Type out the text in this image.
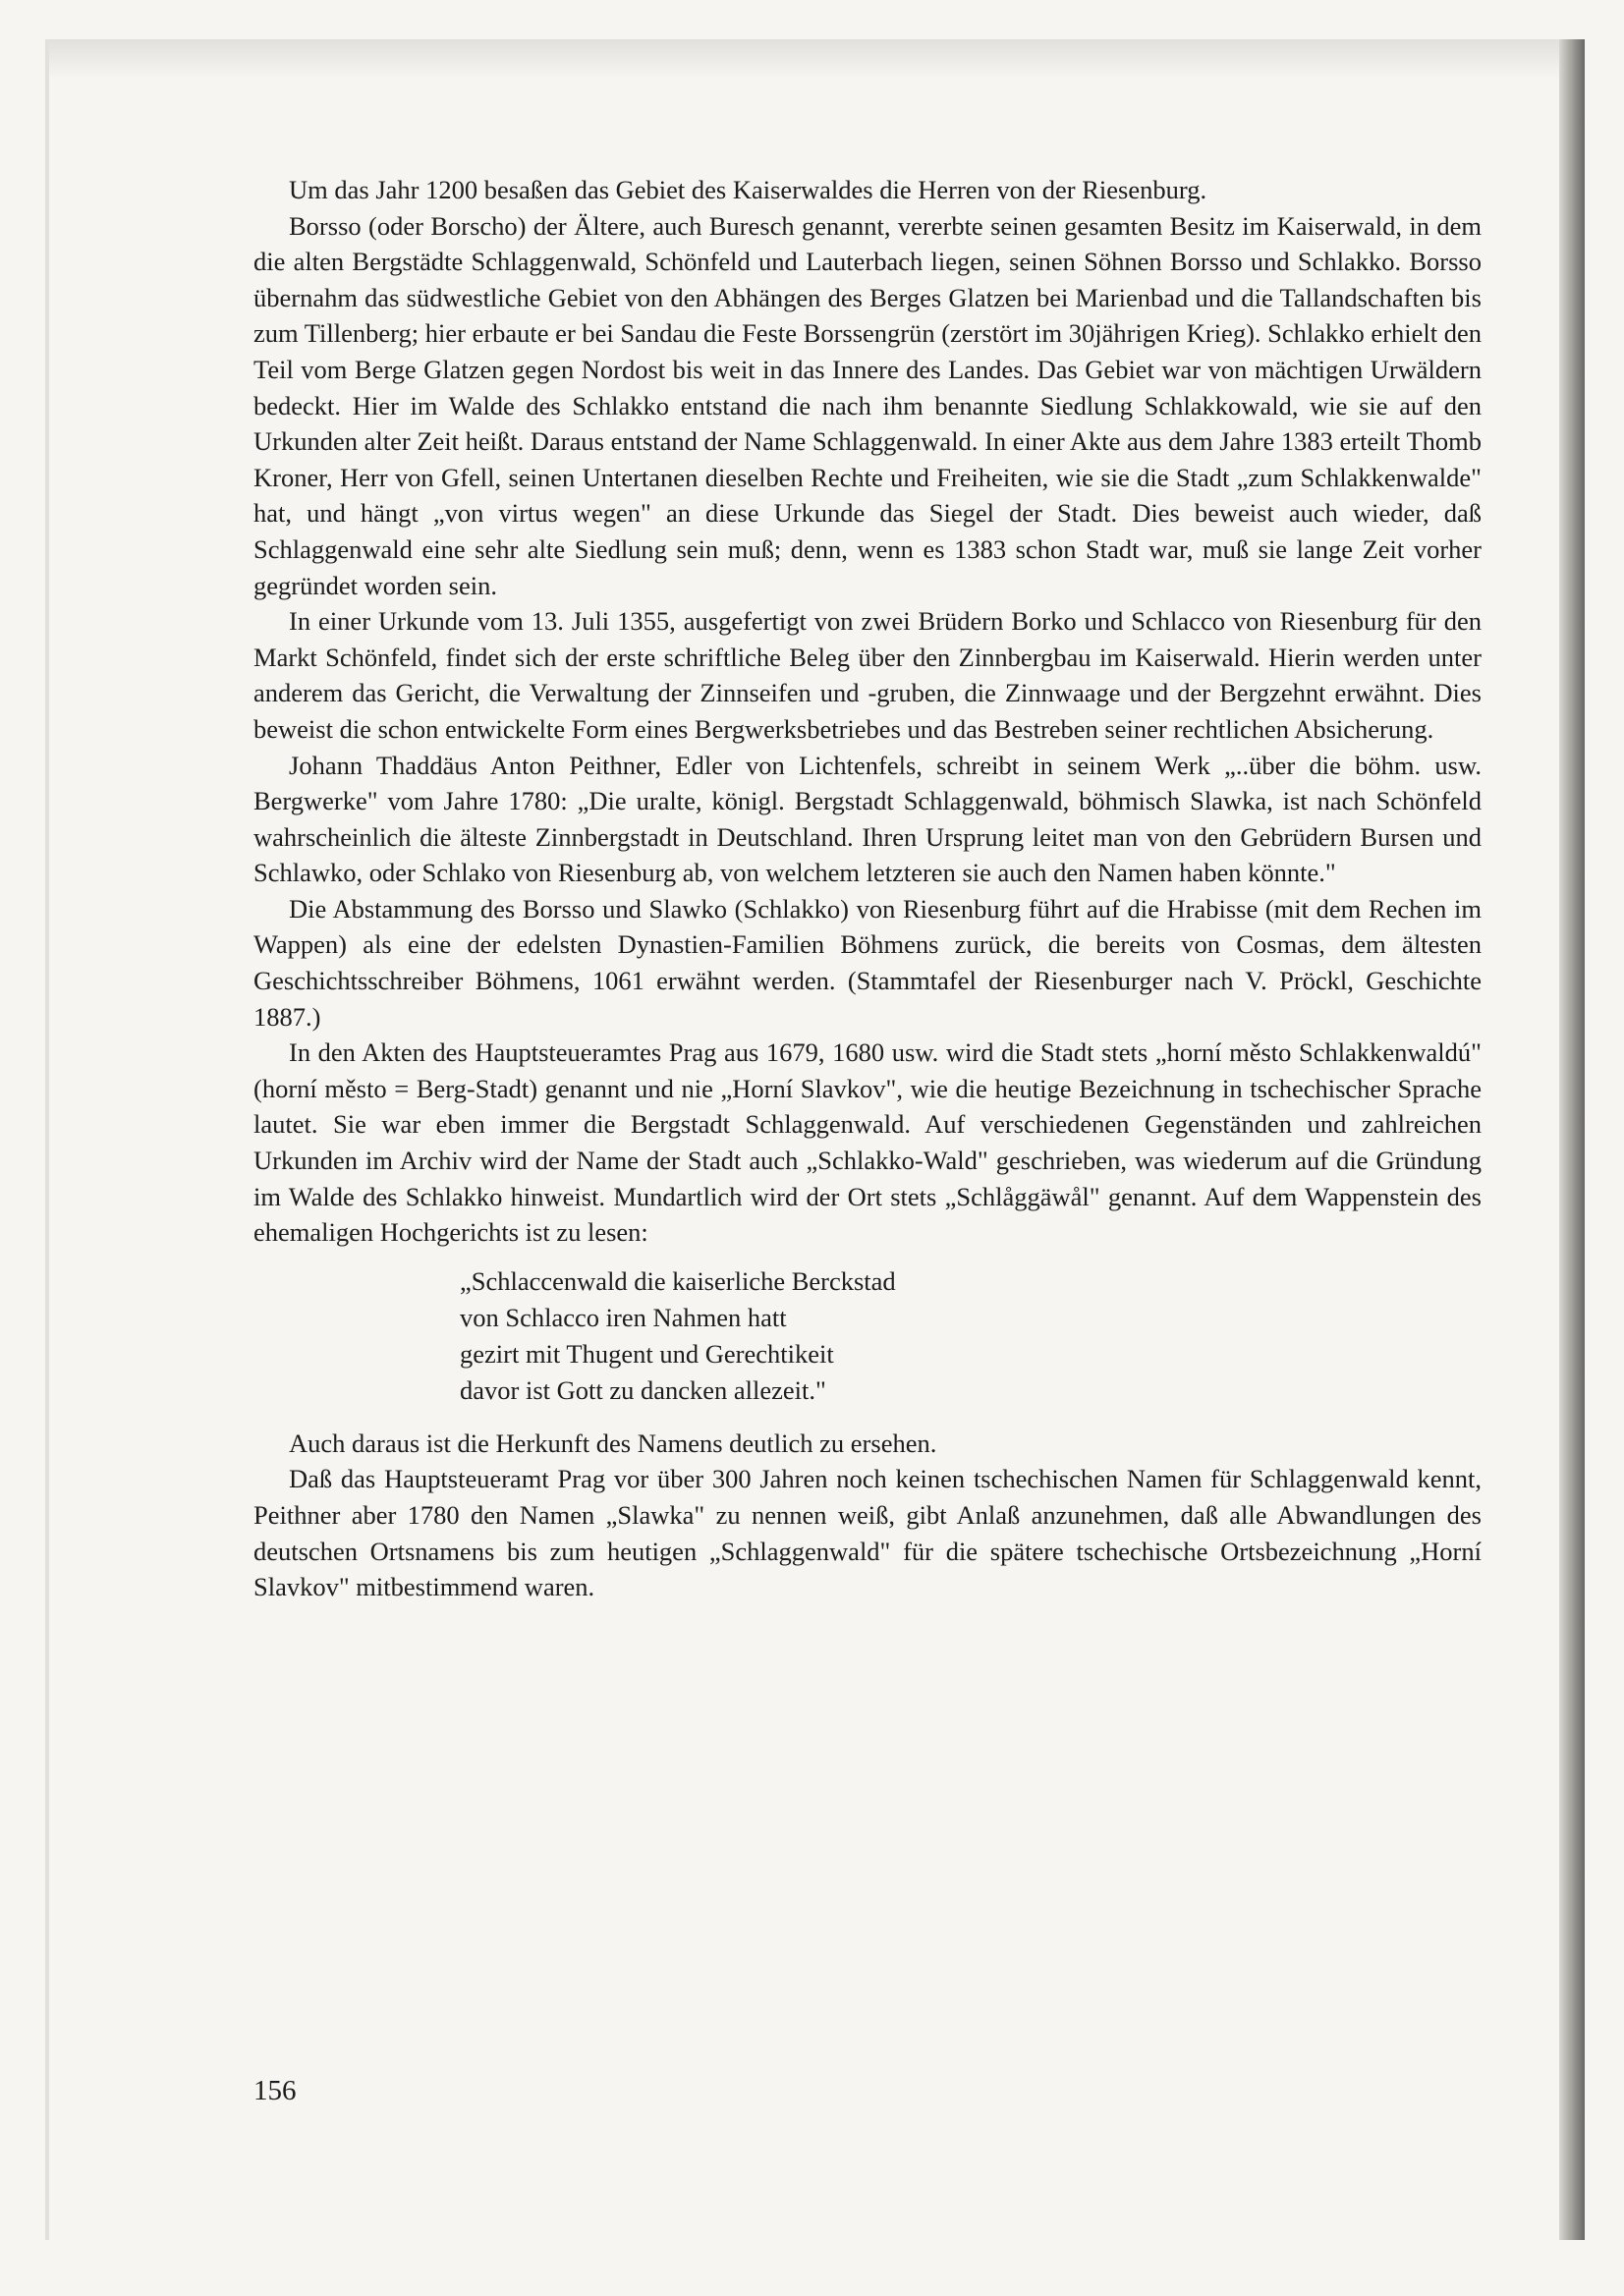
Um das Jahr 1200 besaßen das Gebiet des Kaiserwaldes die Herren von der Riesenburg.

Borsso (oder Borscho) der Ältere, auch Buresch genannt, vererbte seinen gesamten Besitz im Kaiserwald, in dem die alten Bergstädte Schlaggenwald, Schönfeld und Lauterbach liegen, seinen Söhnen Borsso und Schlakko. Borsso übernahm das südwestliche Gebiet von den Abhängen des Berges Glatzen bei Marienbad und die Tallandschaften bis zum Tillenberg; hier erbaute er bei Sandau die Feste Borssengrün (zerstört im 30jährigen Krieg). Schlakko erhielt den Teil vom Berge Glatzen gegen Nordost bis weit in das Innere des Landes. Das Gebiet war von mächtigen Urwäldern bedeckt. Hier im Walde des Schlakko entstand die nach ihm benannte Siedlung Schlakkowald, wie sie auf den Urkunden alter Zeit heißt. Daraus entstand der Name Schlaggenwald. In einer Akte aus dem Jahre 1383 erteilt Thomb Kroner, Herr von Gfell, seinen Untertanen dieselben Rechte und Freiheiten, wie sie die Stadt „zum Schlakkenwalde" hat, und hängt „von virtus wegen" an diese Urkunde das Siegel der Stadt. Dies beweist auch wieder, daß Schlaggenwald eine sehr alte Siedlung sein muß; denn, wenn es 1383 schon Stadt war, muß sie lange Zeit vorher gegründet worden sein.

In einer Urkunde vom 13. Juli 1355, ausgefertigt von zwei Brüdern Borko und Schlacco von Riesenburg für den Markt Schönfeld, findet sich der erste schriftliche Beleg über den Zinnbergbau im Kaiserwald. Hierin werden unter anderem das Gericht, die Verwaltung der Zinnseifen und -gruben, die Zinnwaage und der Bergzehnt erwähnt. Dies beweist die schon entwickelte Form eines Bergwerksbetriebes und das Bestreben seiner rechtlichen Absicherung.

Johann Thaddäus Anton Peithner, Edler von Lichtenfels, schreibt in seinem Werk „..über die böhm. usw. Bergwerke" vom Jahre 1780: „Die uralte, königl. Bergstadt Schlaggenwald, böhmisch Slawka, ist nach Schönfeld wahrscheinlich die älteste Zinnbergstadt in Deutschland. Ihren Ursprung leitet man von den Gebrüdern Bursen und Schlawko, oder Schlako von Riesenburg ab, von welchem letzteren sie auch den Namen haben könnte."

Die Abstammung des Borsso und Slawko (Schlakko) von Riesenburg führt auf die Hrabisse (mit dem Rechen im Wappen) als eine der edelsten Dynastien-Familien Böhmens zurück, die bereits von Cosmas, dem ältesten Geschichtsschreiber Böhmens, 1061 erwähnt werden. (Stammtafel der Riesenburger nach V. Pröckl, Geschichte 1887.)

In den Akten des Hauptsteueramtes Prag aus 1679, 1680 usw. wird die Stadt stets „horní město Schlakkenwaldú" (horní město = Berg-Stadt) genannt und nie „Horní Slavkov", wie die heutige Bezeichnung in tschechischer Sprache lautet. Sie war eben immer die Bergstadt Schlaggenwald. Auf verschiedenen Gegenständen und zahlreichen Urkunden im Archiv wird der Name der Stadt auch „Schlakko-Wald" geschrieben, was wiederum auf die Gründung im Walde des Schlakko hinweist. Mundartlich wird der Ort stets „Schlåggäwål" genannt. Auf dem Wappenstein des ehemaligen Hochgerichts ist zu lesen:

„Schlaccenwald die kaiserliche Berckstad
von Schlacco iren Nahmen hatt
gezirt mit Thugent und Gerechtikeit
davor ist Gott zu dancken allezeit."

Auch daraus ist die Herkunft des Namens deutlich zu ersehen.

Daß das Hauptsteueramt Prag vor über 300 Jahren noch keinen tschechischen Namen für Schlaggenwald kennt, Peithner aber 1780 den Namen „Slawka" zu nennen weiß, gibt Anlaß anzunehmen, daß alle Abwandlungen des deutschen Ortsnamens bis zum heutigen „Schlaggenwald" für die spätere tschechische Ortsbezeichnung „Horní Slavkov" mitbestimmend waren.

156
